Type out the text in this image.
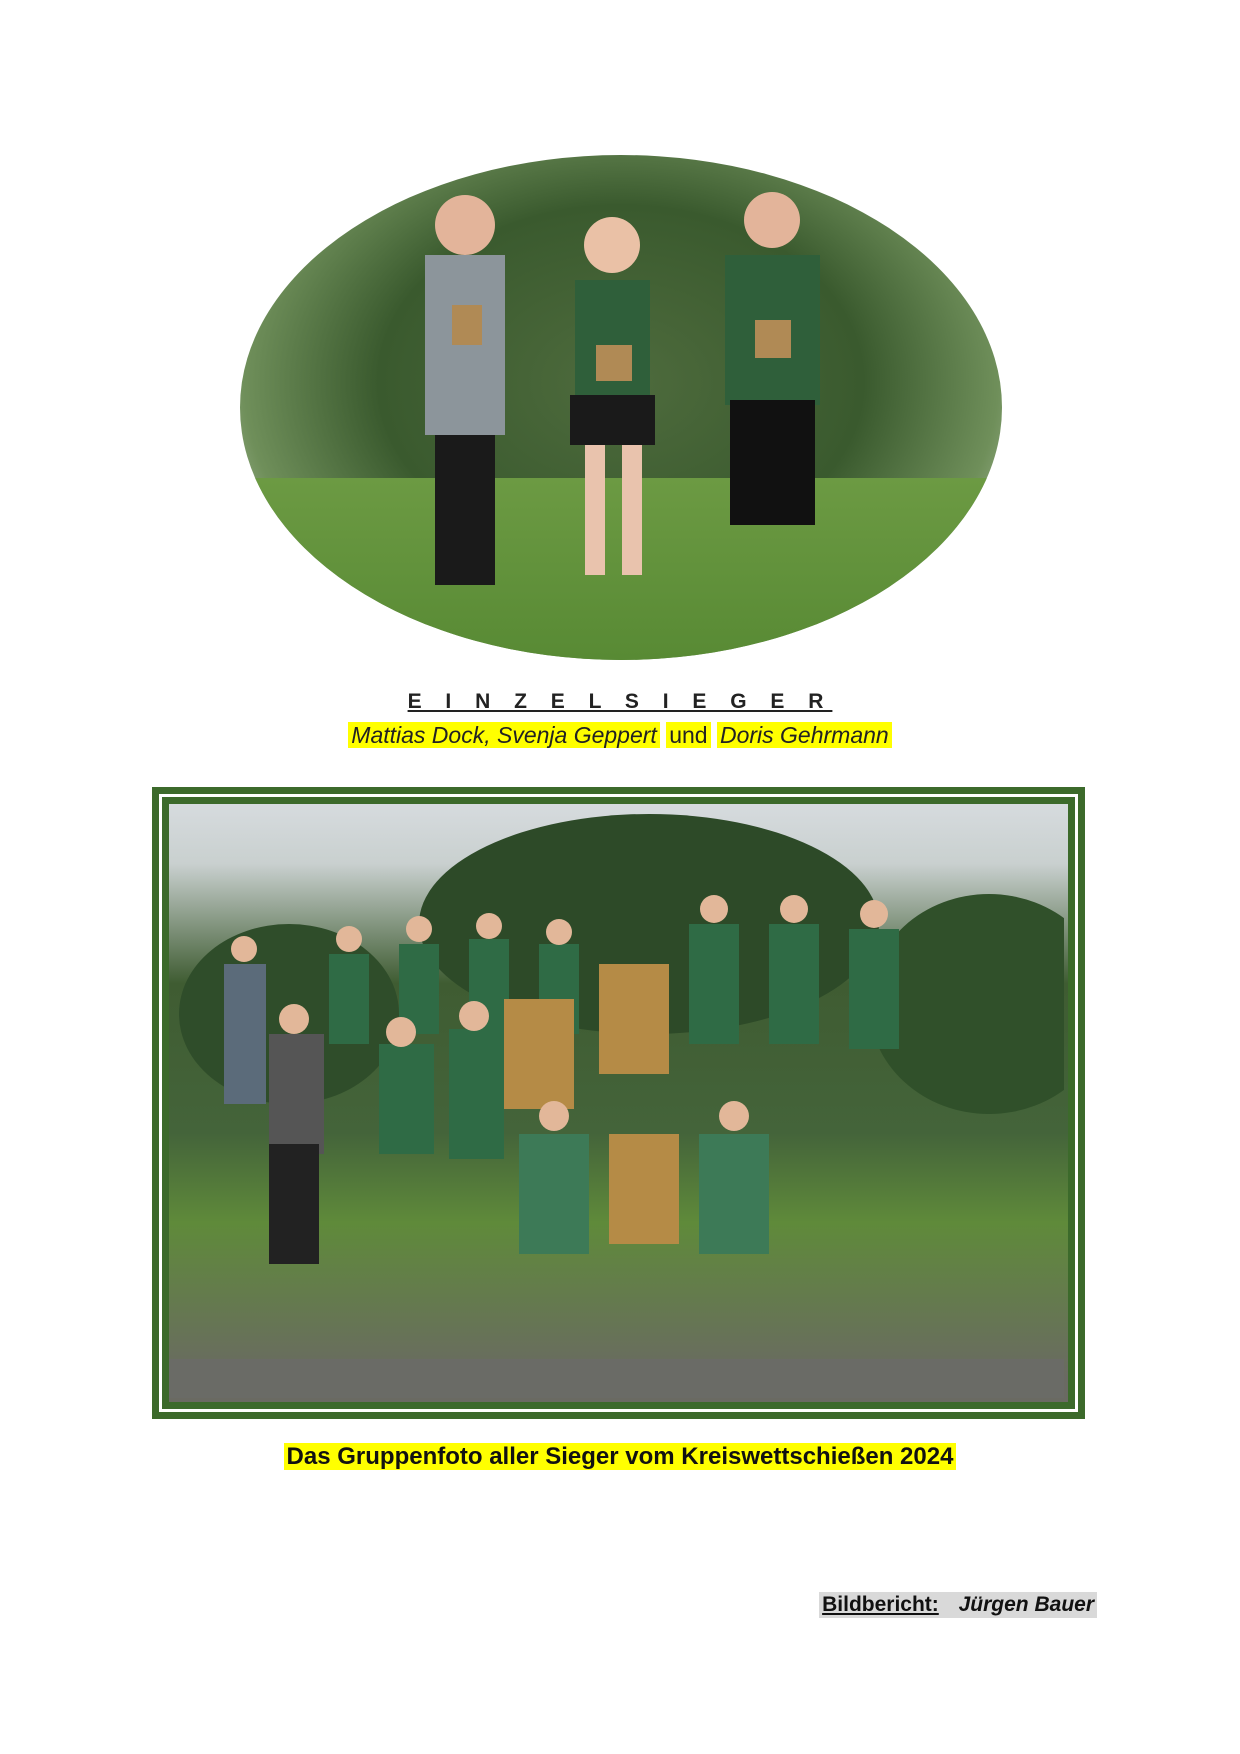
E I N Z E L S I E G E R
Mattias Dock, Svenja Geppert und Doris Gehrmann
Das Gruppenfoto aller Sieger vom Kreiswettschießen 2024
Bildbericht: Jürgen Bauer
